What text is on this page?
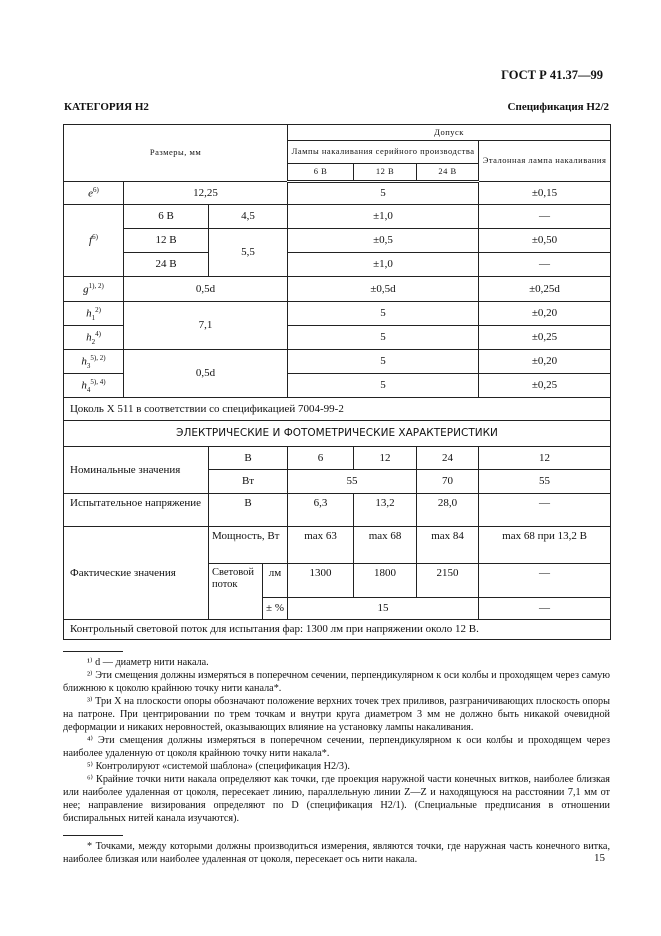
ГОСТ Р 41.37—99
КАТЕГОРИЯ Н2	Спецификация Н2/2
Размеры, мм				Допуск			
				Лампы накаливания серийного производства			Эталонная лампа накаливания
				6 В	12 В	24 В	
$e^{6)}$	12,25			5			±0,15
$f^{6)}$	6 В	4,5		±1,0			—
	12 В	5,5		±0,5			±0,50
	24 В			±1,0			—
$g^{1), 2)}$	0,5d			±0,5d			±0,25d
$h_1^{2)}$	7,1			5			±0,20
$h_2^{4)}$				5			±0,25
$h_3^{5), 2)}$	0,5d			5			±0,20
$h_4^{5), 4)}$				5			±0,25
Цоколь X 511 в соответствии со спецификацией 7004-99-2							
ЭЛЕКТРИЧЕСКИЕ И ФОТОМЕТРИЧЕСКИЕ ХАРАКТЕРИСТИКИ							
Номинальные значения		В		6	12	24	12
		Вт		55		70	55
Испытательное напряжение		В		6,3	13,2	28,0	—
Фактические значения		Мощность, Вт		max 63	max 68	max 84	max 68 при 13,2 В
		Световой поток	лм	1300	1800	2150	—
			± %	15			—
Контрольный световой поток для испытания фар: 1300 лм при напряжении около 12 В.							

¹⁾ d — диаметр нити накала.

²⁾ Эти смещения должны измеряться в поперечном сечении, перпендикулярном к оси колбы и проходящем через самую ближнюю к цоколю крайнюю точку нити канала*.

³⁾ Три X на плоскости опоры обозначают положение верхних точек трех приливов, разграничивающих плоскость опоры на патроне. При центрировании по трем точкам и внутри круга диаметром 3 мм не должно быть никакой очевидной деформации и никаких неровностей, оказывающих влияние на установку лампы накаливания.

⁴⁾ Эти смещения должны измеряться в поперечном сечении, перпендикулярном к оси колбы и проходящем через наиболее удаленную от цоколя крайнюю точку нити накала*.

⁵⁾ Контролируют «системой шаблона» (спецификация Н2/3).

⁶⁾ Крайние точки нити накала определяют как точки, где проекция наружной части конечных витков, наиболее близкая или наиболее удаленная от цоколя, пересекает линию, параллельную линии Z—Z и находящуюся на расстоянии 7,1 мм от нее; направление визирования определяют по D (спецификация Н2/1). (Специальные предписания в отношении биспиральных нитей канала изучаются).

* Точками, между которыми должны производиться измерения, являются точки, где наружная часть конечного витка, наиболее близкая или наиболее удаленная от цоколя, пересекает ось нити накала.	15
